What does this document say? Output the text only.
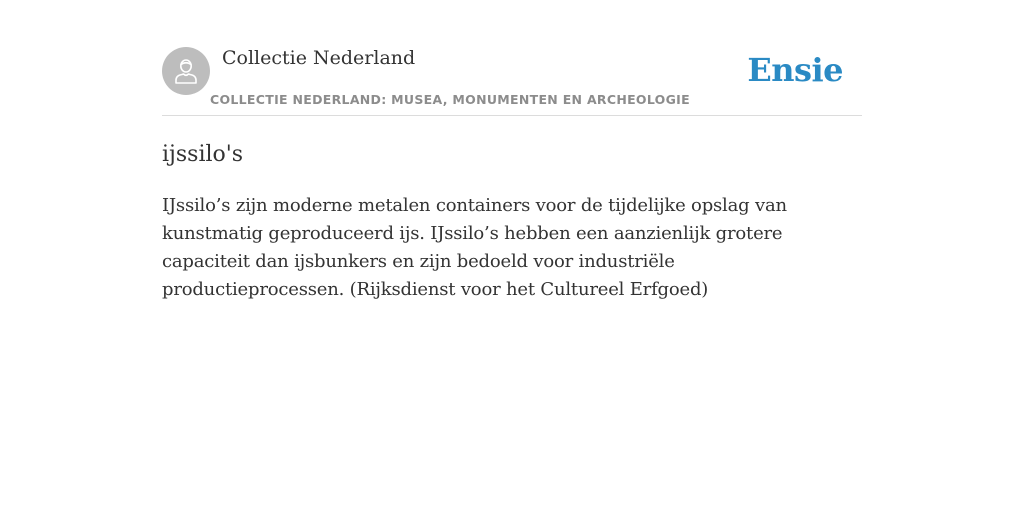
Collectie Nederland
COLLECTIE NEDERLAND: MUSEA, MONUMENTEN EN ARCHEOLOGIE
Ensie
ijssilo's

IJssilo’s zijn moderne metalen containers voor de tijdelijke opslag van kunstmatig geproduceerd ijs. IJssilo’s hebben een aanzienlijk grotere capaciteit dan ijsbunkers en zijn bedoeld voor industriële productieprocessen. (Rijksdienst voor het Cultureel Erfgoed)
